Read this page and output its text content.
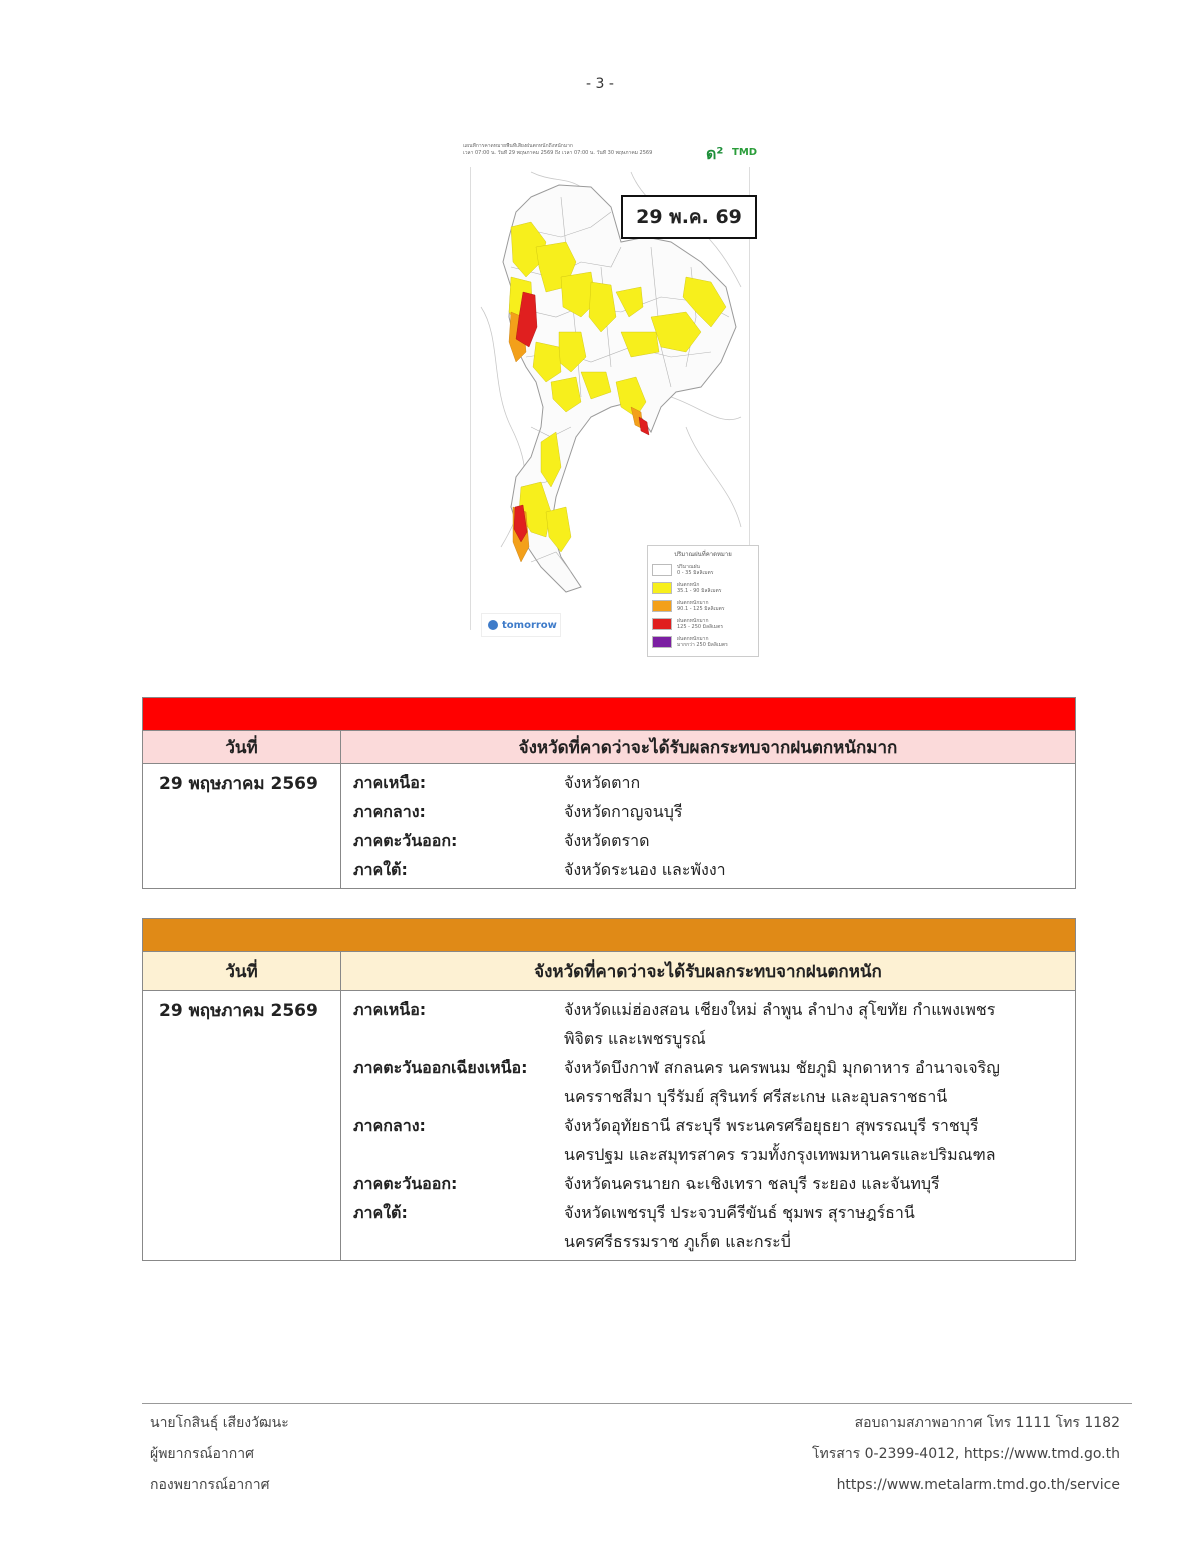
- 3 -
แผนที่การคาดหมายพื้นที่เสี่ยงฝนตกหนักถึงหนักมาก
เวลา 07:00 น. วันที่ 29 พฤษภาคม 2569 ถึง เวลา 07:00 น. วันที่ 30 พฤษภาคม 2569	ด² TMD
29 พ.ค. 69
ปริมาณฝนที่คาดหมาย
ปริมาณฝน
0 - 35 มิลลิเมตร
ฝนตกหนัก
35.1 - 90 มิลลิเมตร
ฝนตกหนักมาก
90.1 - 125 มิลลิเมตร
ฝนตกหนักมาก
125 - 250 มิลลิเมตร
ฝนตกหนักมาก
มากกว่า 250 มิลลิเมตร
tomorrow
วันที่	จังหวัดที่คาดว่าจะได้รับผลกระทบจากฝนตกหนักมาก
29 พฤษภาคม 2569	ภาคเหนือ:	จังหวัดตาก
ภาคกลาง:	จังหวัดกาญจนบุรี
ภาคตะวันออก:	จังหวัดตราด
ภาคใต้:	จังหวัดระนอง และพังงา
วันที่	จังหวัดที่คาดว่าจะได้รับผลกระทบจากฝนตกหนัก
29 พฤษภาคม 2569	ภาคเหนือ:	จังหวัดแม่ฮ่องสอน เชียงใหม่ ลำพูน ลำปาง สุโขทัย กำแพงเพชร
พิจิตร และเพชรบูรณ์
ภาคตะวันออกเฉียงเหนือ:	จังหวัดบึงกาฬ สกลนคร นครพนม ชัยภูมิ มุกดาหาร อำนาจเจริญ
นครราชสีมา บุรีรัมย์ สุรินทร์ ศรีสะเกษ และอุบลราชธานี
ภาคกลาง:	จังหวัดอุทัยธานี สระบุรี พระนครศรีอยุธยา สุพรรณบุรี ราชบุรี
นครปฐม และสมุทรสาคร รวมทั้งกรุงเทพมหานครและปริมณฑล
ภาคตะวันออก:	จังหวัดนครนายก ฉะเชิงเทรา ชลบุรี ระยอง และจันทบุรี
ภาคใต้:	จังหวัดเพชรบุรี ประจวบคีรีขันธ์ ชุมพร สุราษฎร์ธานี
นครศรีธรรมราช ภูเก็ต และกระบี่
นายโกสินธุ์ เสียงวัฒนะ
ผู้พยากรณ์อากาศ
กองพยากรณ์อากาศ
สอบถามสภาพอากาศ โทร 1111 โทร 1182
โทรสาร 0-2399-4012, https://www.tmd.go.th
https://www.metalarm.tmd.go.th/service
